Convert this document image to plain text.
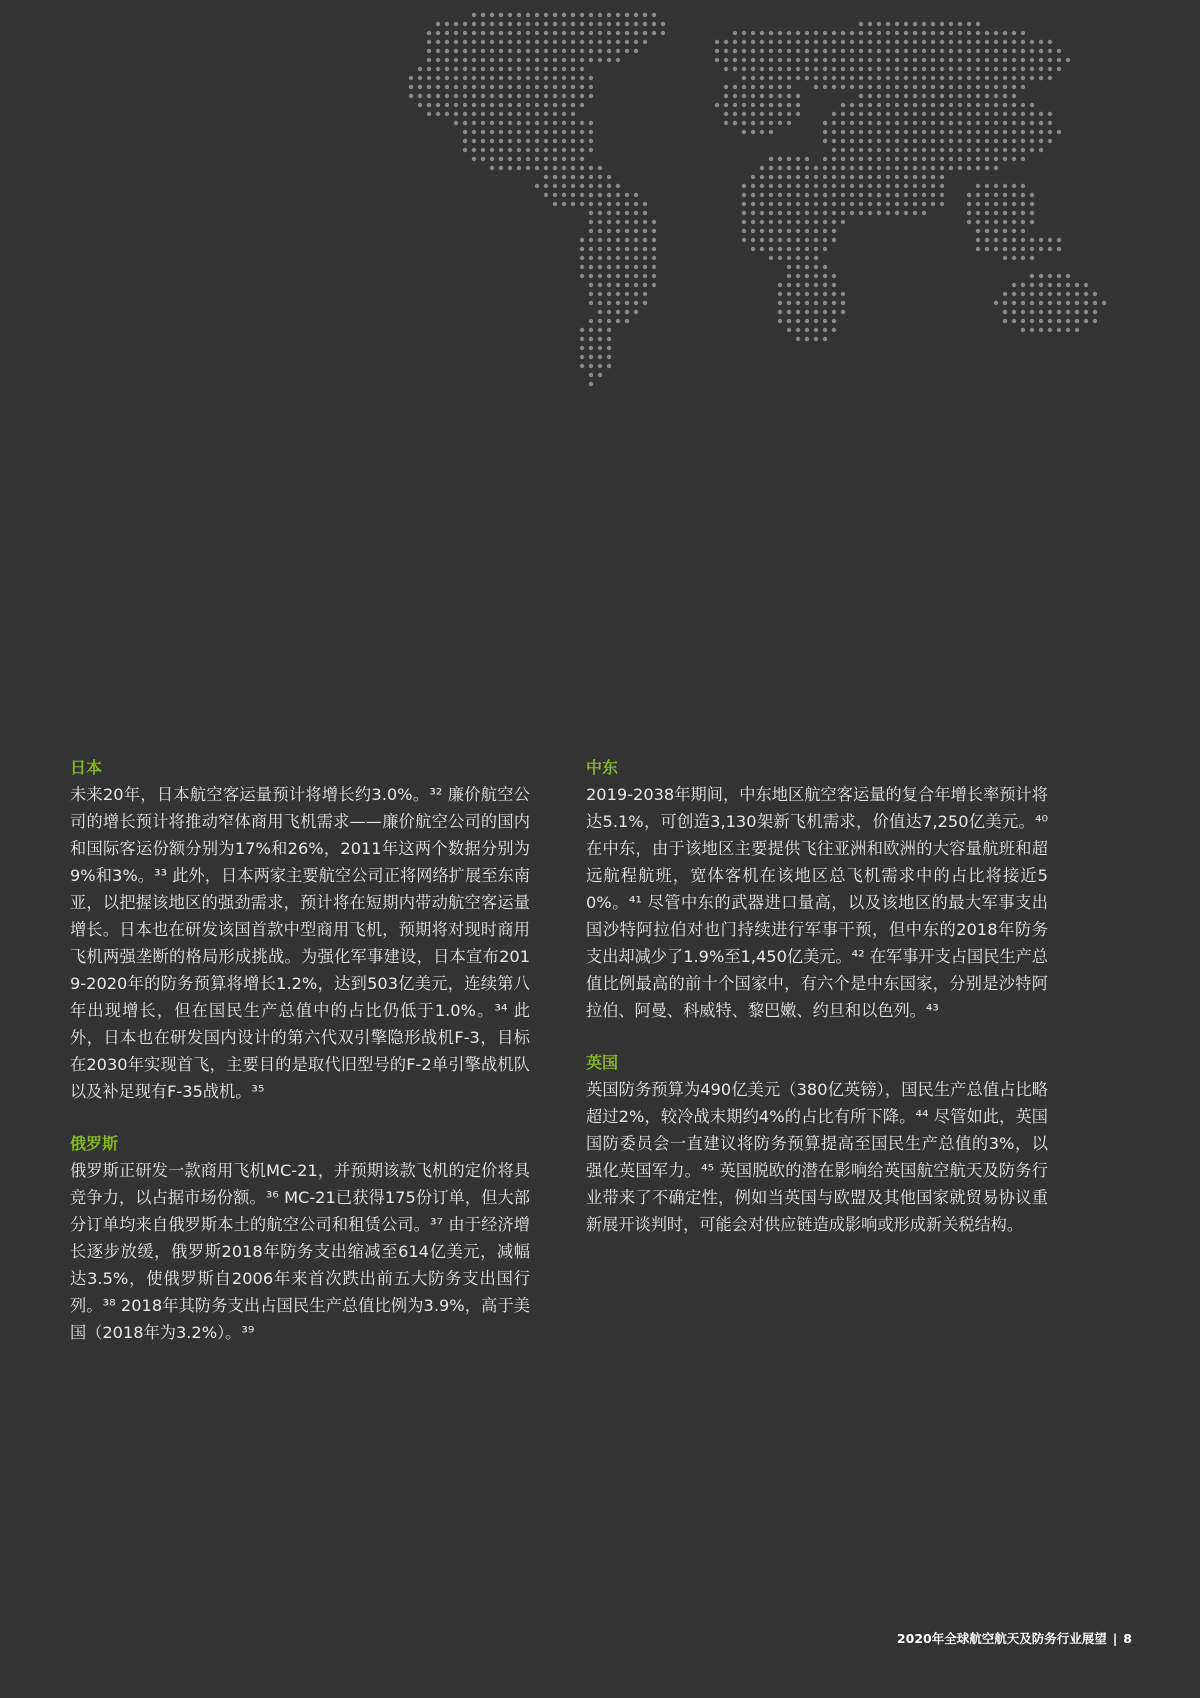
日本

未来20年，日本航空客运量预计将增长约3.0%。³² 廉价航空公司的增长预计将推动窄体商用飞机需求——廉价航空公司的国内和国际客运份额分别为17%和26%，2011年这两个数据分别为9%和3%。³³ 此外，日本两家主要航空公司正将网络扩展至东南亚，以把握该地区的强劲需求，预计将在短期内带动航空客运量增长。日本也在研发该国首款中型商用飞机，预期将对现时商用飞机两强垄断的格局形成挑战。为强化军事建设，日本宣布2019-2020年的防务预算将增长1.2%，达到503亿美元，连续第八年出现增长，但在国民生产总值中的占比仍低于1.0%。³⁴ 此外，日本也在研发国内设计的第六代双引擎隐形战机F-3，目标在2030年实现首飞，主要目的是取代旧型号的F-2单引擎战机队以及补足现有F-35战机。³⁵

俄罗斯

俄罗斯正研发一款商用飞机MC-21，并预期该款飞机的定价将具竞争力，以占据市场份额。³⁶ MC-21已获得175份订单，但大部分订单均来自俄罗斯本土的航空公司和租赁公司。³⁷ 由于经济增长逐步放缓，俄罗斯2018年防务支出缩减至614亿美元，减幅达3.5%，使俄罗斯自2006年来首次跌出前五大防务支出国行列。³⁸ 2018年其防务支出占国民生产总值比例为3.9%，高于美国（2018年为3.2%）。³⁹

中东

2019-2038年期间，中东地区航空客运量的复合年增长率预计将达5.1%，可创造3,130架新飞机需求，价值达7,250亿美元。⁴⁰ 在中东，由于该地区主要提供飞往亚洲和欧洲的大容量航班和超远航程航班，宽体客机在该地区总飞机需求中的占比将接近50%。⁴¹ 尽管中东的武器进口量高，以及该地区的最大军事支出国沙特阿拉伯对也门持续进行军事干预，但中东的2018年防务支出却减少了1.9%至1,450亿美元。⁴² 在军事开支占国民生产总值比例最高的前十个国家中，有六个是中东国家，分别是沙特阿拉伯、阿曼、科威特、黎巴嫩、约旦和以色列。⁴³

英国

英国防务预算为490亿美元（380亿英镑），国民生产总值占比略超过2%，较冷战末期约4%的占比有所下降。⁴⁴ 尽管如此，英国国防委员会一直建议将防务预算提高至国民生产总值的3%，以强化英国军力。⁴⁵ 英国脱欧的潜在影响给英国航空航天及防务行业带来了不确定性，例如当英国与欧盟及其他国家就贸易协议重新展开谈判时，可能会对供应链造成影响或形成新关税结构。

2020年全球航空航天及防务行业展望 | 8
